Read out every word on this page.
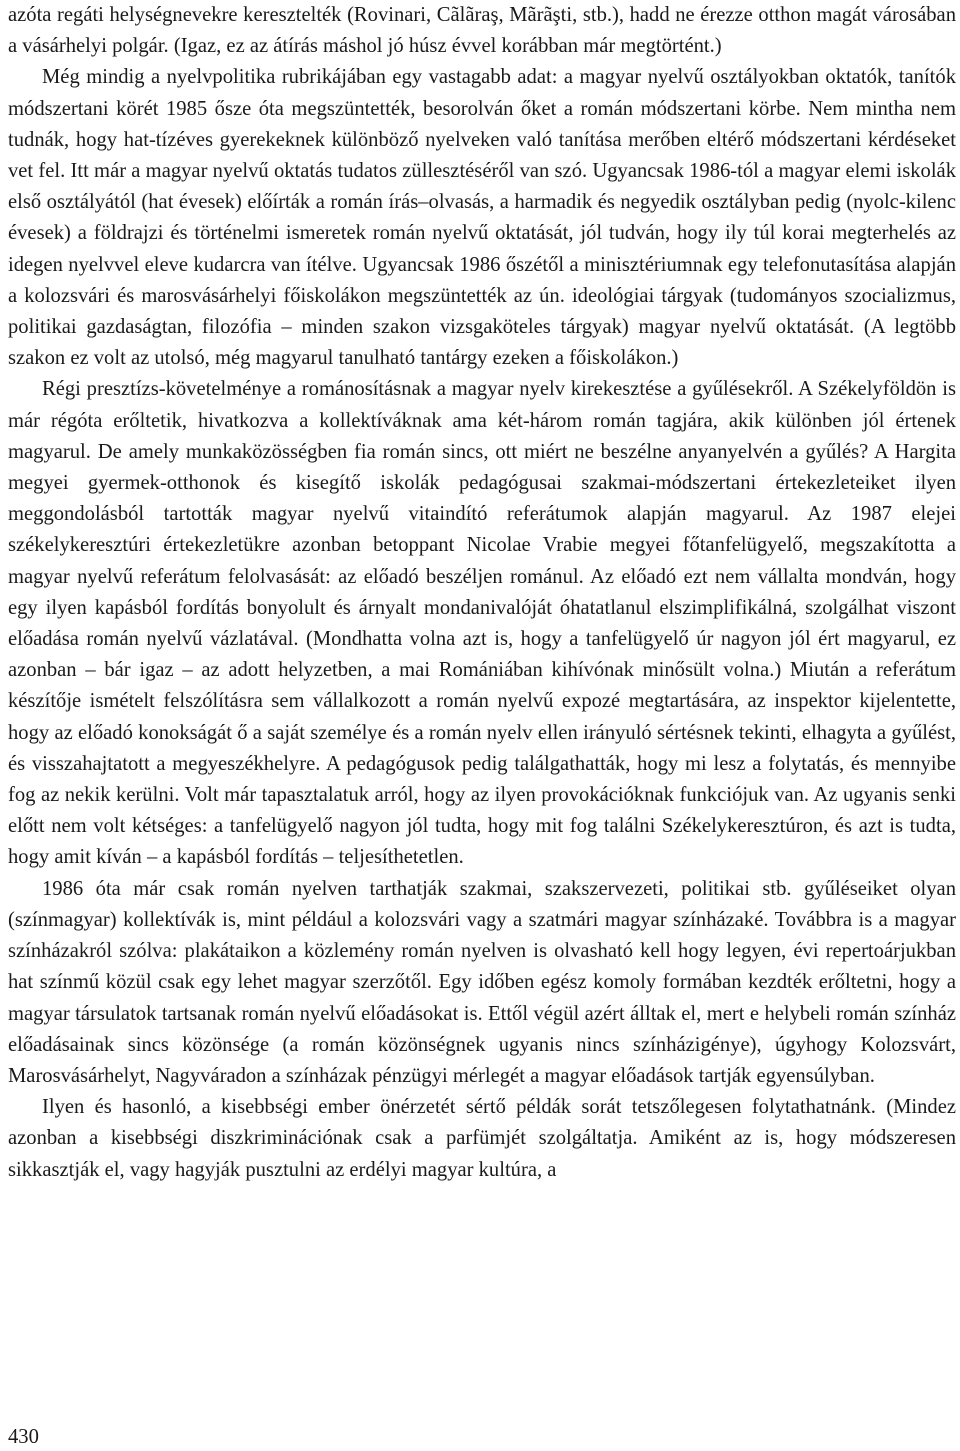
azóta regáti helységnevekre keresztelték (Rovinari, Cãlãraş, Mãrãşti, stb.), hadd ne érezze otthon magát városában a vásárhelyi polgár. (Igaz, ez az átírás máshol jó húsz évvel korábban már megtörtént.)

Még mindig a nyelvpolitika rubrikájában egy vastagabb adat: a magyar nyelvű osztályokban oktatók, tanítók módszertani körét 1985 ősze óta megszüntették, besorolván őket a román módszertani körbe. Nem mintha nem tudnák, hogy hat-tízéves gyerekeknek különböző nyelveken való tanítása merőben eltérő módszertani kérdéseket vet fel. Itt már a magyar nyelvű oktatás tudatos züllesztéséről van szó. Ugyancsak 1986-tól a magyar elemi iskolák első osztályától (hat évesek) előírták a román írás–olvasás, a harmadik és negyedik osztályban pedig (nyolc-kilenc évesek) a földrajzi és történelmi ismeretek román nyelvű oktatását, jól tudván, hogy ily túl korai megterhelés az idegen nyelvvel eleve kudarcra van ítélve. Ugyancsak 1986 őszétől a minisztériumnak egy telefonutasítása alapján a kolozsvári és marosvásárhelyi főiskolákon megszüntették az ún. ideológiai tárgyak (tudományos szocializmus, politikai gazdaságtan, filozófia – minden szakon vizsgaköteles tárgyak) magyar nyelvű oktatását. (A legtöbb szakon ez volt az utolsó, még magyarul tanulható tantárgy ezeken a főiskolákon.)

Régi presztízs-követelménye a románosításnak a magyar nyelv kirekesztése a gyűlésekről. A Székelyföldön is már régóta erőltetik, hivatkozva a kollektíváknak ama két-három román tagjára, akik különben jól értenek magyarul. De amely munkaközösségben fia román sincs, ott miért ne beszélne anyanyelvén a gyűlés? A Hargita megyei gyermek-otthonok és kisegítő iskolák pedagógusai szakmai-módszertani értekezleteiket ilyen meggondolásból tartották magyar nyelvű vitaindító referátumok alapján magyarul. Az 1987 elejei székelykeresztúri értekezletükre azonban betoppant Nicolae Vrabie megyei főtanfelügyelő, megszakította a magyar nyelvű referátum felolvasását: az előadó beszéljen románul. Az előadó ezt nem vállalta mondván, hogy egy ilyen kapásból fordítás bonyolult és árnyalt mondanivalóját óhatatlanul elszimplifikálná, szolgálhat viszont előadása román nyelvű vázlatával. (Mondhatta volna azt is, hogy a tanfelügyelő úr nagyon jól ért magyarul, ez azonban – bár igaz – az adott helyzetben, a mai Romániában kihívónak minősült volna.) Miután a referátum készítője ismételt felszólításra sem vállalkozott a román nyelvű expozé megtartására, az inspektor kijelentette, hogy az előadó konokságát ő a saját személye és a román nyelv ellen irányuló sértésnek tekinti, elhagyta a gyűlést, és visszahajtatott a megyeszékhelyre. A pedagógusok pedig találgathatták, hogy mi lesz a folytatás, és mennyibe fog az nekik kerülni. Volt már tapasztalatuk arról, hogy az ilyen provokációknak funkciójuk van. Az ugyanis senki előtt nem volt kétséges: a tanfelügyelő nagyon jól tudta, hogy mit fog találni Székelykeresztúron, és azt is tudta, hogy amit kíván – a kapásból fordítás – teljesíthetetlen.

1986 óta már csak román nyelven tarthatják szakmai, szakszervezeti, politikai stb. gyűléseiket olyan (színmagyar) kollektívák is, mint például a kolozsvári vagy a szatmári magyar színházaké. Továbbra is a magyar színházakról szólva: plakátaikon a közlemény román nyelven is olvasható kell hogy legyen, évi repertoárjukban hat színmű közül csak egy lehet magyar szerzőtől. Egy időben egész komoly formában kezdték erőltetni, hogy a magyar társulatok tartsanak román nyelvű előadásokat is. Ettől végül azért álltak el, mert e helybeli román színház előadásainak sincs közönsége (a román közönségnek ugyanis nincs színházigénye), úgyhogy Kolozsvárt, Marosvásárhelyt, Nagyváradon a színházak pénzügyi mérlegét a magyar előadások tartják egyensúlyban.

Ilyen és hasonló, a kisebbségi ember önérzetét sértő példák sorát tetszőlegesen folytathatnánk. (Mindez azonban a kisebbségi diszkriminációnak csak a parfümjét szolgáltatja. Amiként az is, hogy módszeresen sikkasztják el, vagy hagyják pusztulni az erdélyi magyar kultúra, a

430
